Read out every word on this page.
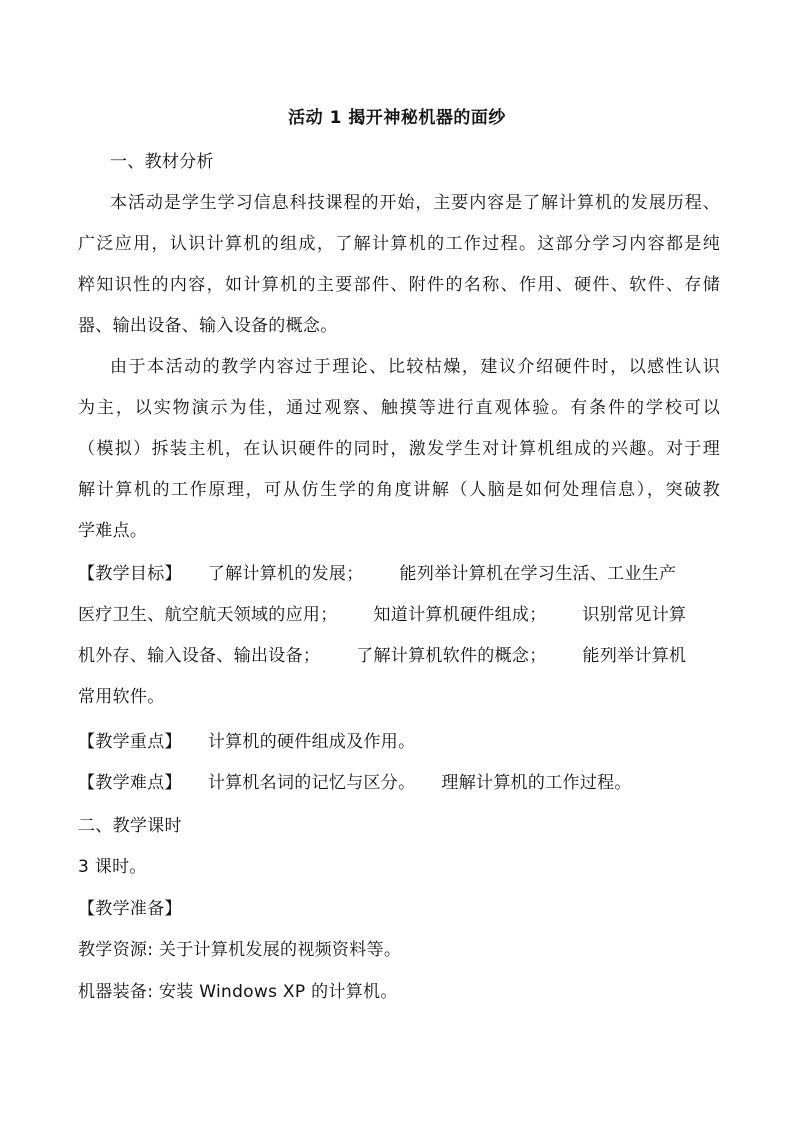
活动 1 揭开神秘机器的面纱
一、教材分析
本活动是学生学习信息科技课程的开始，主要内容是了解计算机的发展历程、
广泛应用，认识计算机的组成，了解计算机的工作过程。这部分学习内容都是纯
粹知识性的内容，如计算机的主要部件、附件的名称、作用、硬件、软件、存储
器、输出设备、输入设备的概念。
由于本活动的教学内容过于理论、比较枯燥，建议介绍硬件时，以感性认识
为主，以实物演示为佳，通过观察、触摸等进行直观体验。有条件的学校可以
（模拟）拆装主机，在认识硬件的同时，激发学生对计算机组成的兴趣。对于理
解计算机的工作原理，可从仿生学的角度讲解（人脑是如何处理信息），突破教
学难点。
【教学目标】 了解计算机的发展； 能列举计算机在学习生活、工业生产
医疗卫生、航空航天领域的应用； 知道计算机硬件组成； 识别常见计算
机外存、输入设备、输出设备； 了解计算机软件的概念； 能列举计算机
常用软件。
【教学重点】 计算机的硬件组成及作用。
【教学难点】 计算机名词的记忆与区分。 理解计算机的工作过程。
二、教学课时
3 课时。
【教学准备】
教学资源: 关于计算机发展的视频资料等。
机器装备: 安装 Windows XP 的计算机。
